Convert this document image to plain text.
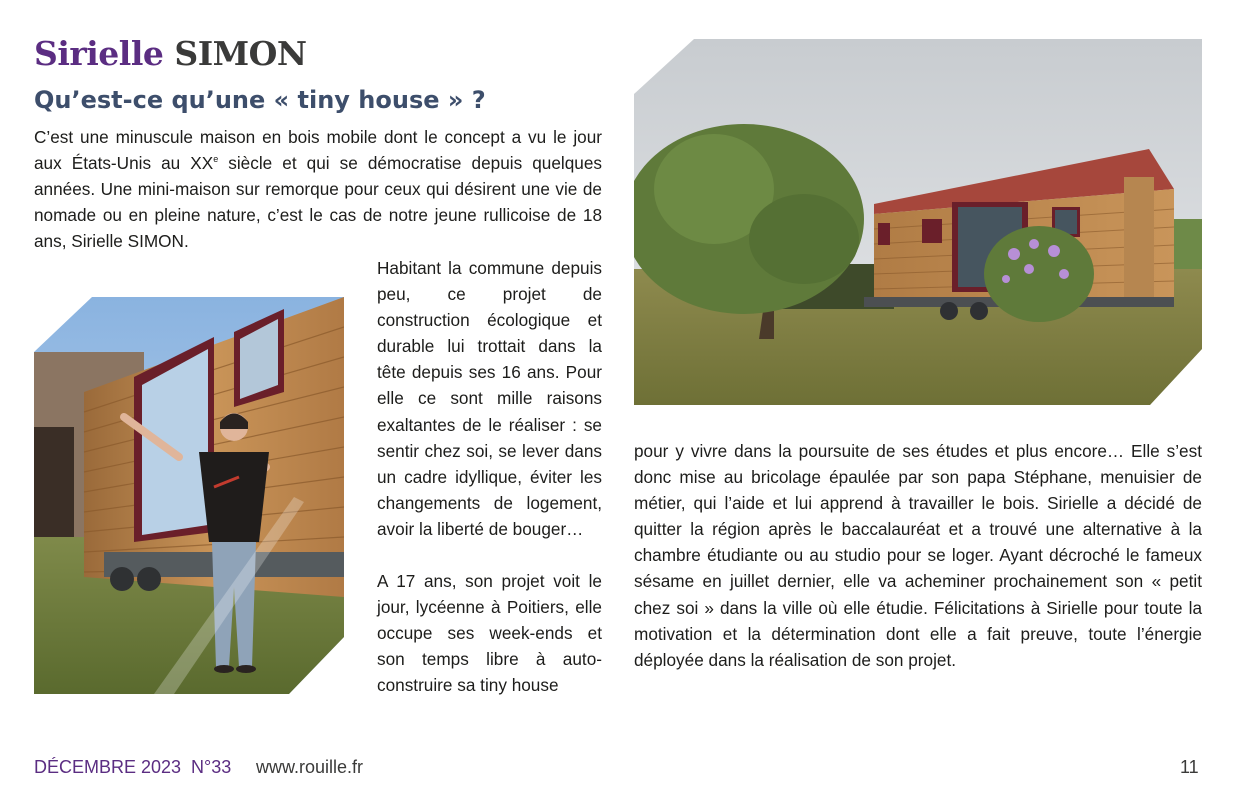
Sirielle SIMON
Qu’est-ce qu’une « tiny house » ?

C’est une minuscule maison en bois mobile dont le concept a vu le jour aux États-Unis au XXe siècle et qui se démocratise depuis quelques années. Une mini-maison sur remorque pour ceux qui désirent une vie de nomade ou en pleine nature, c’est le cas de notre jeune rullicoise de 18 ans, Sirielle SIMON.

Habitant la commune depuis peu, ce projet de construction écologique et durable lui trottait dans la tête depuis ses 16 ans. Pour elle ce sont mille raisons exaltantes de le réaliser : se sentir chez soi, se lever dans un cadre idyllique, éviter les changements de logement, avoir la liberté de bouger…

A 17 ans, son projet voit le jour, lycéenne à Poitiers, elle occupe ses week-ends et son temps libre à autoconstruire sa tiny house

pour y vivre dans la poursuite de ses études et plus encore… Elle s’est donc mise au bricolage épaulée par son papa Stéphane, menuisier de métier, qui l’aide et lui apprend à travailler le bois. Sirielle a décidé de quitter la région après le baccalauréat et a trouvé une alternative à la chambre étudiante ou au studio pour se loger. Ayant décroché le fameux sésame en juillet dernier, elle va acheminer prochainement son « petit chez soi » dans la ville où elle étudie. Félicitations à Sirielle pour toute la motivation et la détermination dont elle a fait preuve, toute l’énergie déployée dans la réalisation de son projet.

DÉCEMBRE 2023  N°33 www.rouille.fr	11
